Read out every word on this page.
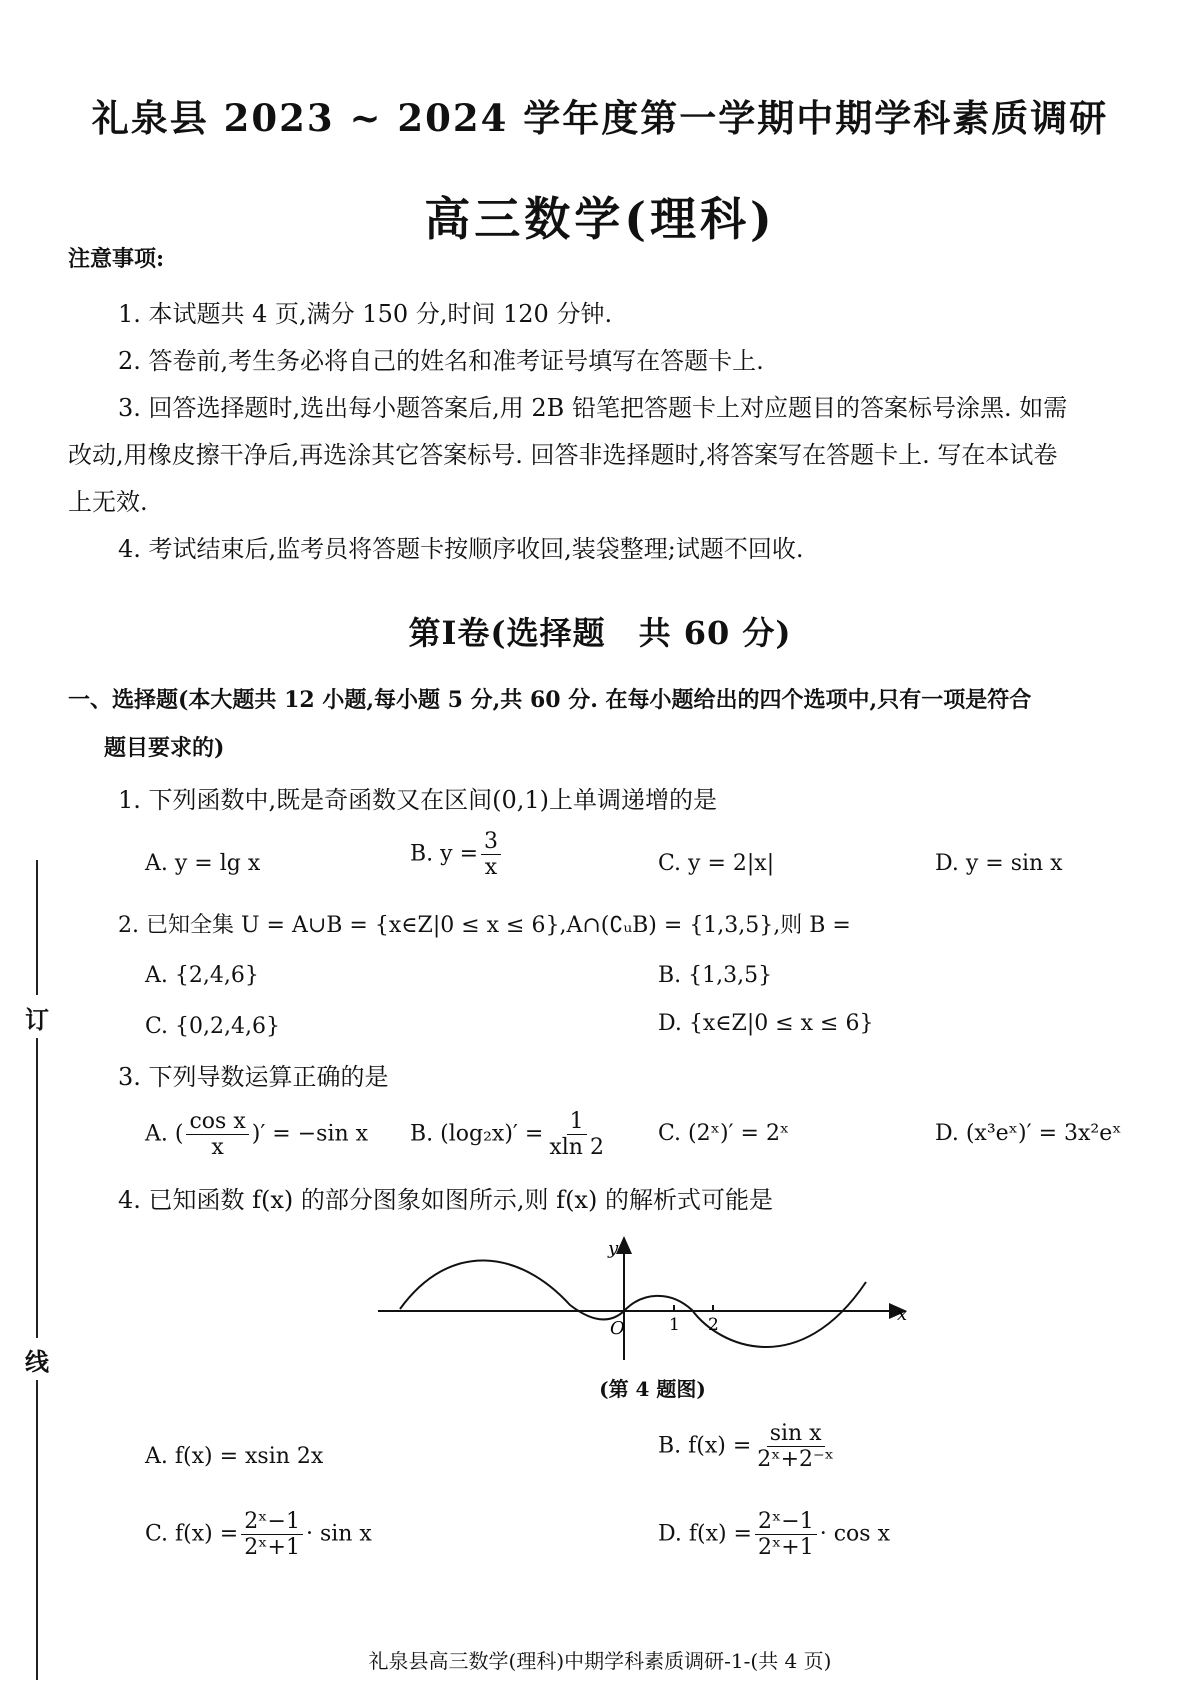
礼泉县 2023 ~ 2024 学年度第一学期中期学科素质调研
高三数学(理科)
注意事项:
1. 本试题共 4 页,满分 150 分,时间 120 分钟.
2. 答卷前,考生务必将自己的姓名和准考证号填写在答题卡上.
3. 回答选择题时,选出每小题答案后,用 2B 铅笔把答题卡上对应题目的答案标号涂黑. 如需
改动,用橡皮擦干净后,再选涂其它答案标号. 回答非选择题时,将答案写在答题卡上. 写在本试卷
上无效.
4. 考试结束后,监考员将答题卡按顺序收回,装袋整理;试题不回收.
第Ⅰ卷(选择题　共 60 分)
一、选择题(本大题共 12 小题,每小题 5 分,共 60 分. 在每小题给出的四个选项中,只有一项是符合
题目要求的)
1. 下列函数中,既是奇函数又在区间(0,1)上单调递增的是
A. y = lg x	B. $y = \frac{3}{x}$	C. y = 2|x|	D. y = sin x
2. 已知全集 U = A∪B = {x∈Z|0 ≤ x ≤ 6},A∩(∁ᵤB) = {1,3,5},则 B =
A. {2,4,6}	B. {1,3,5}
C. {0,2,4,6}	D. {x∈Z|0 ≤ x ≤ 6}
3. 下列导数运算正确的是
A. ( $\frac{\text{cos x}}{x}$ )′ = −sin x B. $(\log_2x)' = \frac{1}{xln 2} C$. (2ˣ)′ = 2ˣ	D. (x³eˣ)′ = 3x²eˣ
4. 已知函数 f(x) 的部分图象如图所示,则 f(x) 的解析式可能是
x
y
O	1 2
(第 4 题图)
A. f(x) = xsin 2x	B. $f(x) = \frac{\text{sin x}}{\text{2ˣ+2⁻ˣ}}$
C. $f(x) = \frac{\text{2ˣ−1}}{\text{2ˣ+1}} \cdot \sin x$	D. $f(x) = \frac{\text{2ˣ−1}}{\text{2ˣ+1}} \cdot \cos x$
订
线
礼泉县高三数学(理科)中期学科素质调研-1-(共 4 页)
